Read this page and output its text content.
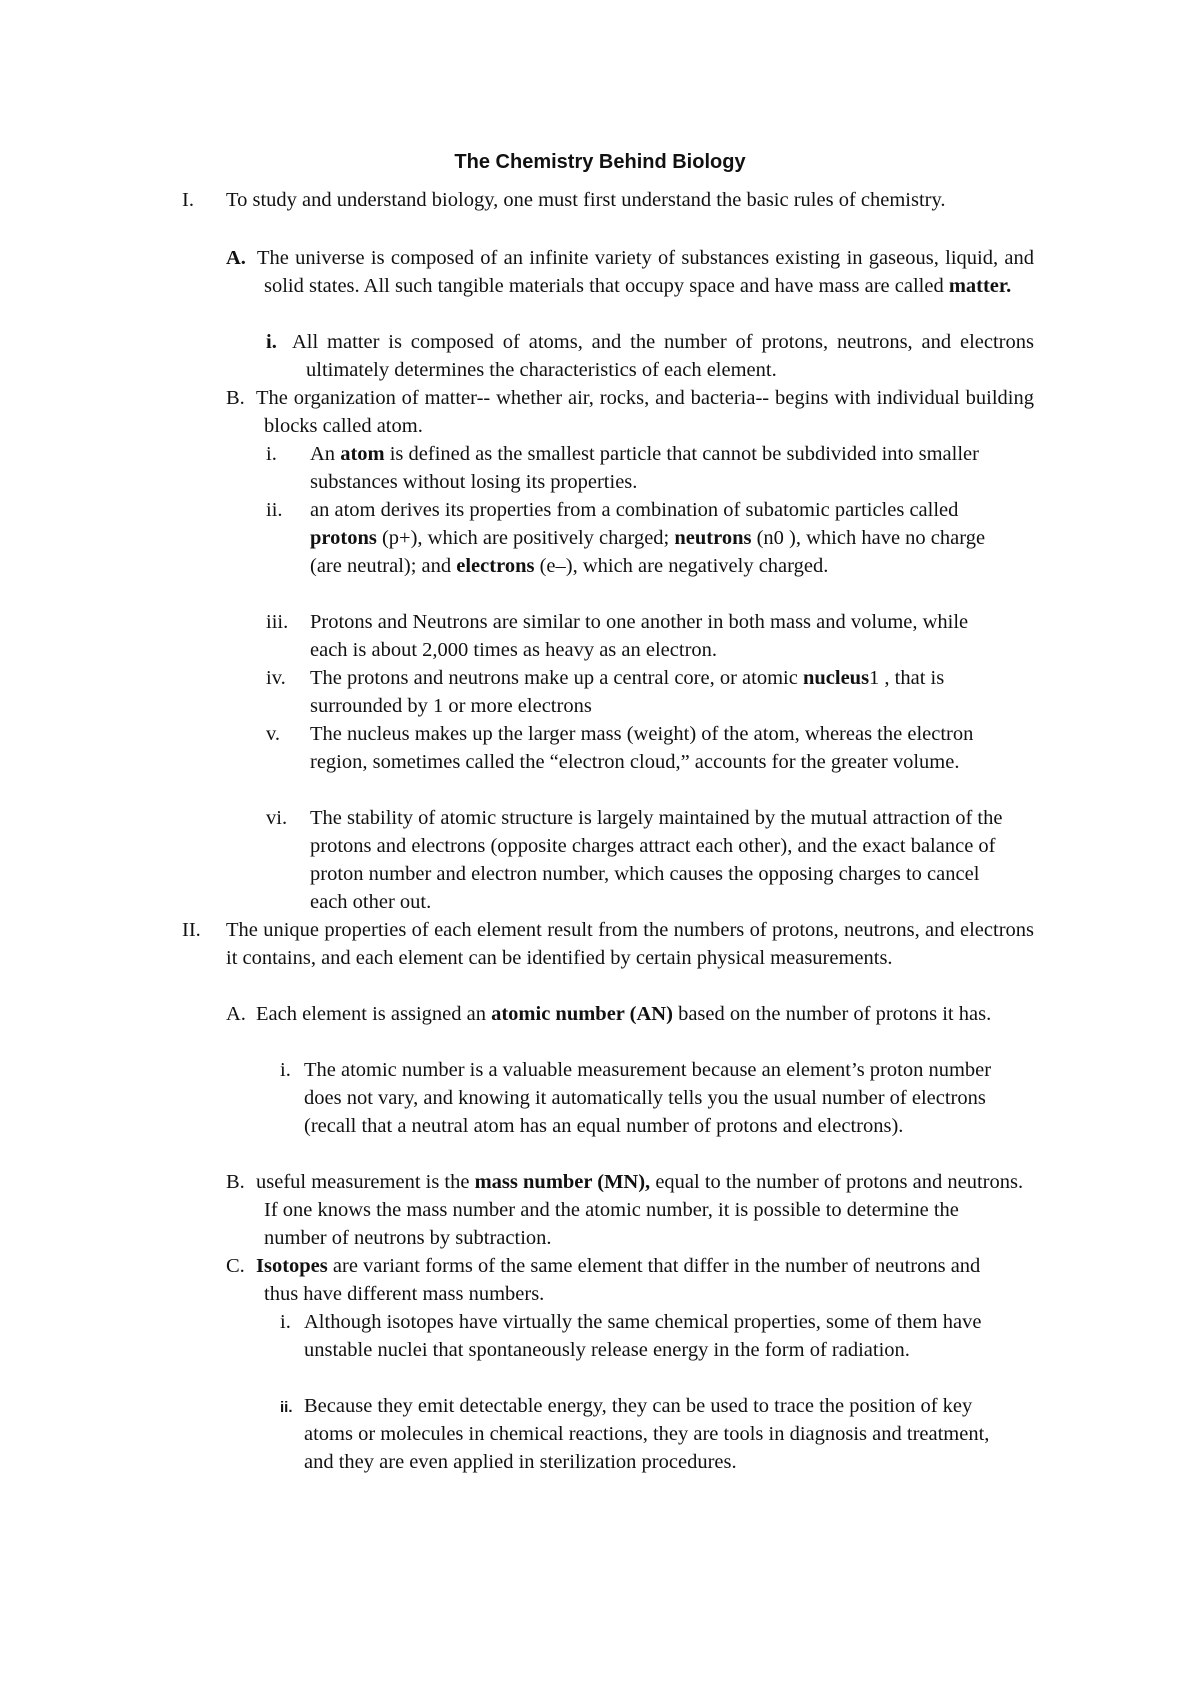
The Chemistry Behind Biology
I. To study and understand biology, one must first understand the basic rules of chemistry.
A. The universe is composed of an infinite variety of substances existing in gaseous, liquid, and solid states. All such tangible materials that occupy space and have mass are called matter.
i. All matter is composed of atoms, and the number of protons, neutrons, and electrons ultimately determines the characteristics of each element.
B. The organization of matter-- whether air, rocks, and bacteria-- begins with individual building blocks called atom.
i. An atom is defined as the smallest particle that cannot be subdivided into smaller substances without losing its properties.
ii. an atom derives its properties from a combination of subatomic particles called protons (p+), which are positively charged; neutrons (n0 ), which have no charge (are neutral); and electrons (e–), which are negatively charged.
iii. Protons and Neutrons are similar to one another in both mass and volume, while each is about 2,000 times as heavy as an electron.
iv. The protons and neutrons make up a central core, or atomic nucleus1 , that is surrounded by 1 or more electrons
v. The nucleus makes up the larger mass (weight) of the atom, whereas the electron region, sometimes called the “electron cloud,” accounts for the greater volume.
vi. The stability of atomic structure is largely maintained by the mutual attraction of the protons and electrons (opposite charges attract each other), and the exact balance of proton number and electron number, which causes the opposing charges to cancel each other out.
II. The unique properties of each element result from the numbers of protons, neutrons, and electrons it contains, and each element can be identified by certain physical measurements.
A. Each element is assigned an atomic number (AN) based on the number of protons it has.
i. The atomic number is a valuable measurement because an element’s proton number does not vary, and knowing it automatically tells you the usual number of electrons (recall that a neutral atom has an equal number of protons and electrons).
B. useful measurement is the mass number (MN), equal to the number of protons and neutrons. If one knows the mass number and the atomic number, it is possible to determine the number of neutrons by subtraction.
C. Isotopes are variant forms of the same element that differ in the number of neutrons and thus have different mass numbers.
i. Although isotopes have virtually the same chemical properties, some of them have unstable nuclei that spontaneously release energy in the form of radiation.
ii. Because they emit detectable energy, they can be used to trace the position of key atoms or molecules in chemical reactions, they are tools in diagnosis and treatment, and they are even applied in sterilization procedures.
